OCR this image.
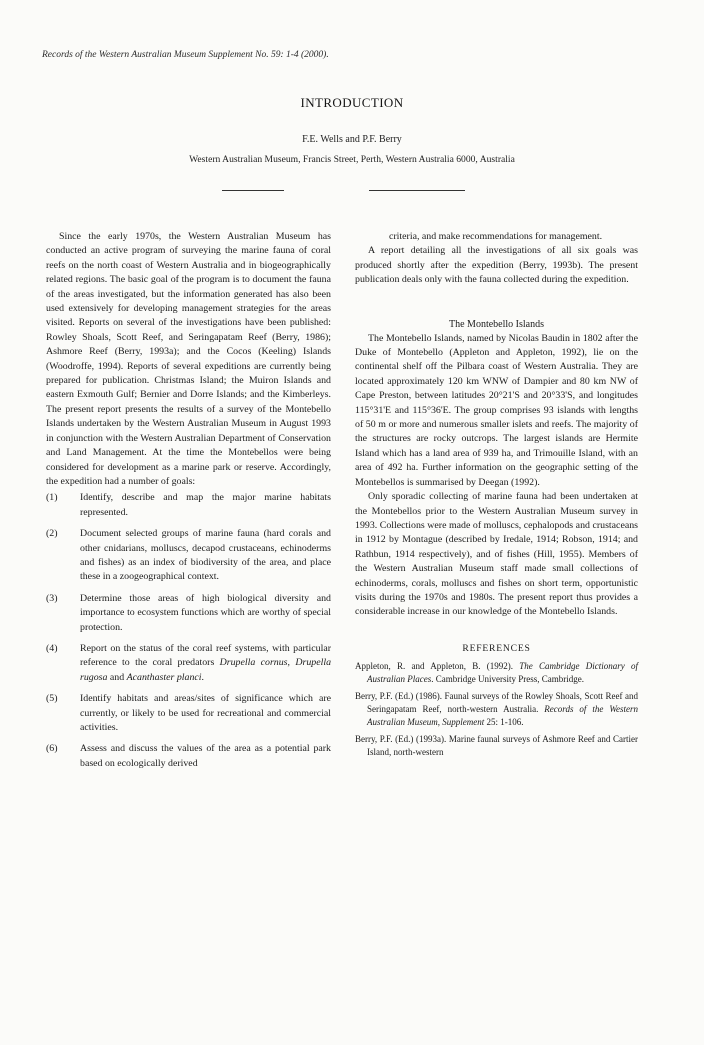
Records of the Western Australian Museum Supplement No. 59: 1-4 (2000).
INTRODUCTION
F.E. Wells and P.F. Berry
Western Australian Museum, Francis Street, Perth, Western Australia 6000, Australia

Since the early 1970s, the Western Australian Museum has conducted an active program of surveying the marine fauna of coral reefs on the north coast of Western Australia and in biogeographically related regions. The basic goal of the program is to document the fauna of the areas investigated, but the information generated has also been used extensively for developing management strategies for the areas visited. Reports on several of the investigations have been published: Rowley Shoals, Scott Reef, and Seringapatam Reef (Berry, 1986); Ashmore Reef (Berry, 1993a); and the Cocos (Keeling) Islands (Woodroffe, 1994). Reports of several expeditions are currently being prepared for publication. Christmas Island; the Muiron Islands and eastern Exmouth Gulf; Bernier and Dorre Islands; and the Kimberleys. The present report presents the results of a survey of the Montebello Islands undertaken by the Western Australian Museum in August 1993 in conjunction with the Western Australian Department of Conservation and Land Management. At the time the Montebellos were being considered for development as a marine park or reserve. Accordingly, the expedition had a number of goals:

(1) Identify, describe and map the major marine habitats represented.
(2) Document selected groups of marine fauna (hard corals and other cnidarians, molluscs, decapod crustaceans, echinoderms and fishes) as an index of biodiversity of the area, and place these in a zoogeographical context.
(3) Determine those areas of high biological diversity and importance to ecosystem functions which are worthy of special protection.
(4) Report on the status of the coral reef systems, with particular reference to the coral predators Drupella cornus, Drupella rugosa and Acanthaster planci.
(5) Identify habitats and areas/sites of significance which are currently, or likely to be used for recreational and commercial activities.
(6) Assess and discuss the values of the area as a potential park based on ecologically derived
criteria, and make recommendations for management.

A report detailing all the investigations of all six goals was produced shortly after the expedition (Berry, 1993b). The present publication deals only with the fauna collected during the expedition.

The Montebello Islands

The Montebello Islands, named by Nicolas Baudin in 1802 after the Duke of Montebello (Appleton and Appleton, 1992), lie on the continental shelf off the Pilbara coast of Western Australia. They are located approximately 120 km WNW of Dampier and 80 km NW of Cape Preston, between latitudes 20°21'S and 20°33'S, and longitudes 115°31'E and 115°36'E. The group comprises 93 islands with lengths of 50 m or more and numerous smaller islets and reefs. The majority of the structures are rocky outcrops. The largest islands are Hermite Island which has a land area of 939 ha, and Trimouille Island, with an area of 492 ha. Further information on the geographic setting of the Montebellos is summarised by Deegan (1992).

Only sporadic collecting of marine fauna had been undertaken at the Montebellos prior to the Western Australian Museum survey in 1993. Collections were made of molluscs, cephalopods and crustaceans in 1912 by Montague (described by Iredale, 1914; Robson, 1914; and Rathbun, 1914 respectively), and of fishes (Hill, 1955). Members of the Western Australian Museum staff made small collections of echinoderms, corals, molluscs and fishes on short term, opportunistic visits during the 1970s and 1980s. The present report thus provides a considerable increase in our knowledge of the Montebello Islands.

REFERENCES
Appleton, R. and Appleton, B. (1992). The Cambridge Dictionary of Australian Places. Cambridge University Press, Cambridge.
Berry, P.F. (Ed.) (1986). Faunal surveys of the Rowley Shoals, Scott Reef and Seringapatam Reef, north-western Australia. Records of the Western Australian Museum, Supplement 25: 1-106.
Berry, P.F. (Ed.) (1993a). Marine faunal surveys of Ashmore Reef and Cartier Island, north-western
